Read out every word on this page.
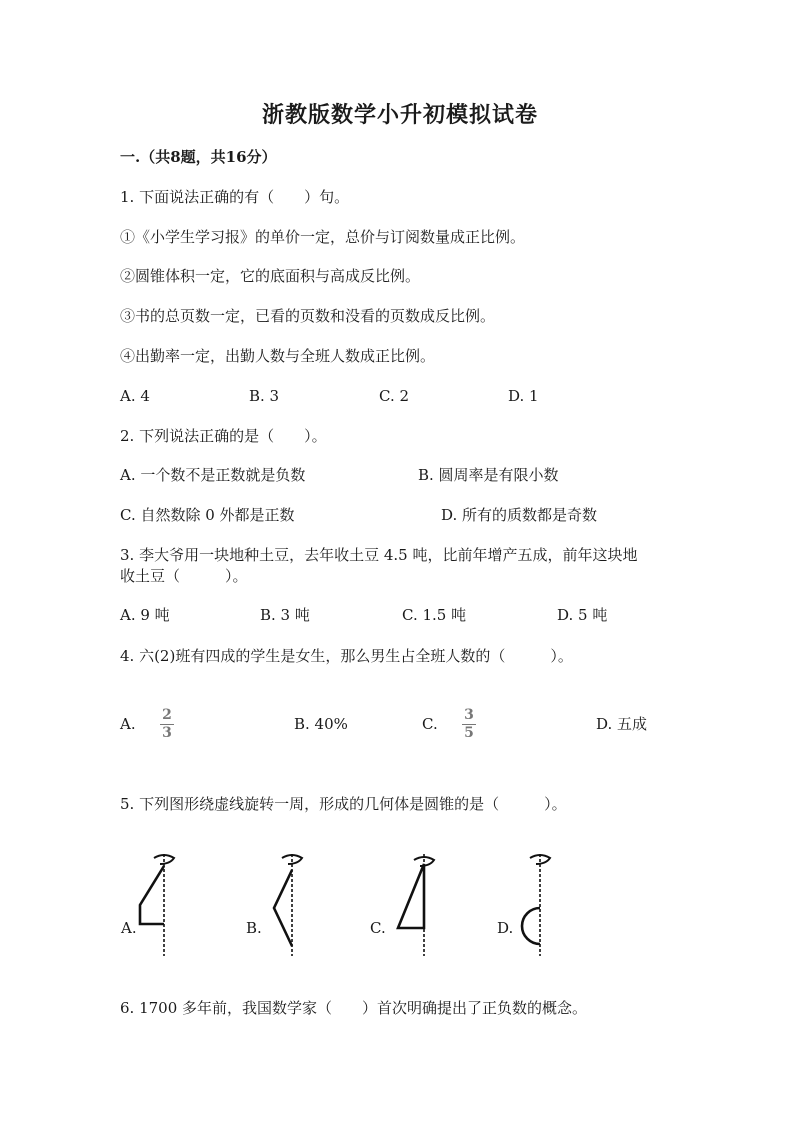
浙教版数学小升初模拟试卷
一.（共8题，共16分）
1. 下面说法正确的有（　　）句。
①《小学生学习报》的单价一定，总价与订阅数量成正比例。
②圆锥体积一定，它的底面积与高成反比例。
③书的总页数一定，已看的页数和没看的页数成反比例。
④出勤率一定，出勤人数与全班人数成正比例。
A. 4	B. 3	C. 2	D. 1
2. 下列说法正确的是（　　）。
A. 一个数不是正数就是负数	B. 圆周率是有限小数
C. 自然数除 0 外都是正数	D. 所有的质数都是奇数
3. 李大爷用一块地种土豆，去年收土豆 4.5 吨，比前年增产五成，前年这块地
收土豆（　　　）。
A. 9 吨	B. 3 吨	C. 1.5 吨	D. 5 吨
4. 六(2)班有四成的学生是女生，那么男生占全班人数的（　　　）。
A. 2
3	B. 40%	C. 3
5	D. 五成
5. 下列图形绕虚线旋转一周，形成的几何体是圆锥的是（　　　）。
A.	B.	C.	D.
6. 1700 多年前，我国数学家（　　）首次明确提出了正负数的概念。
